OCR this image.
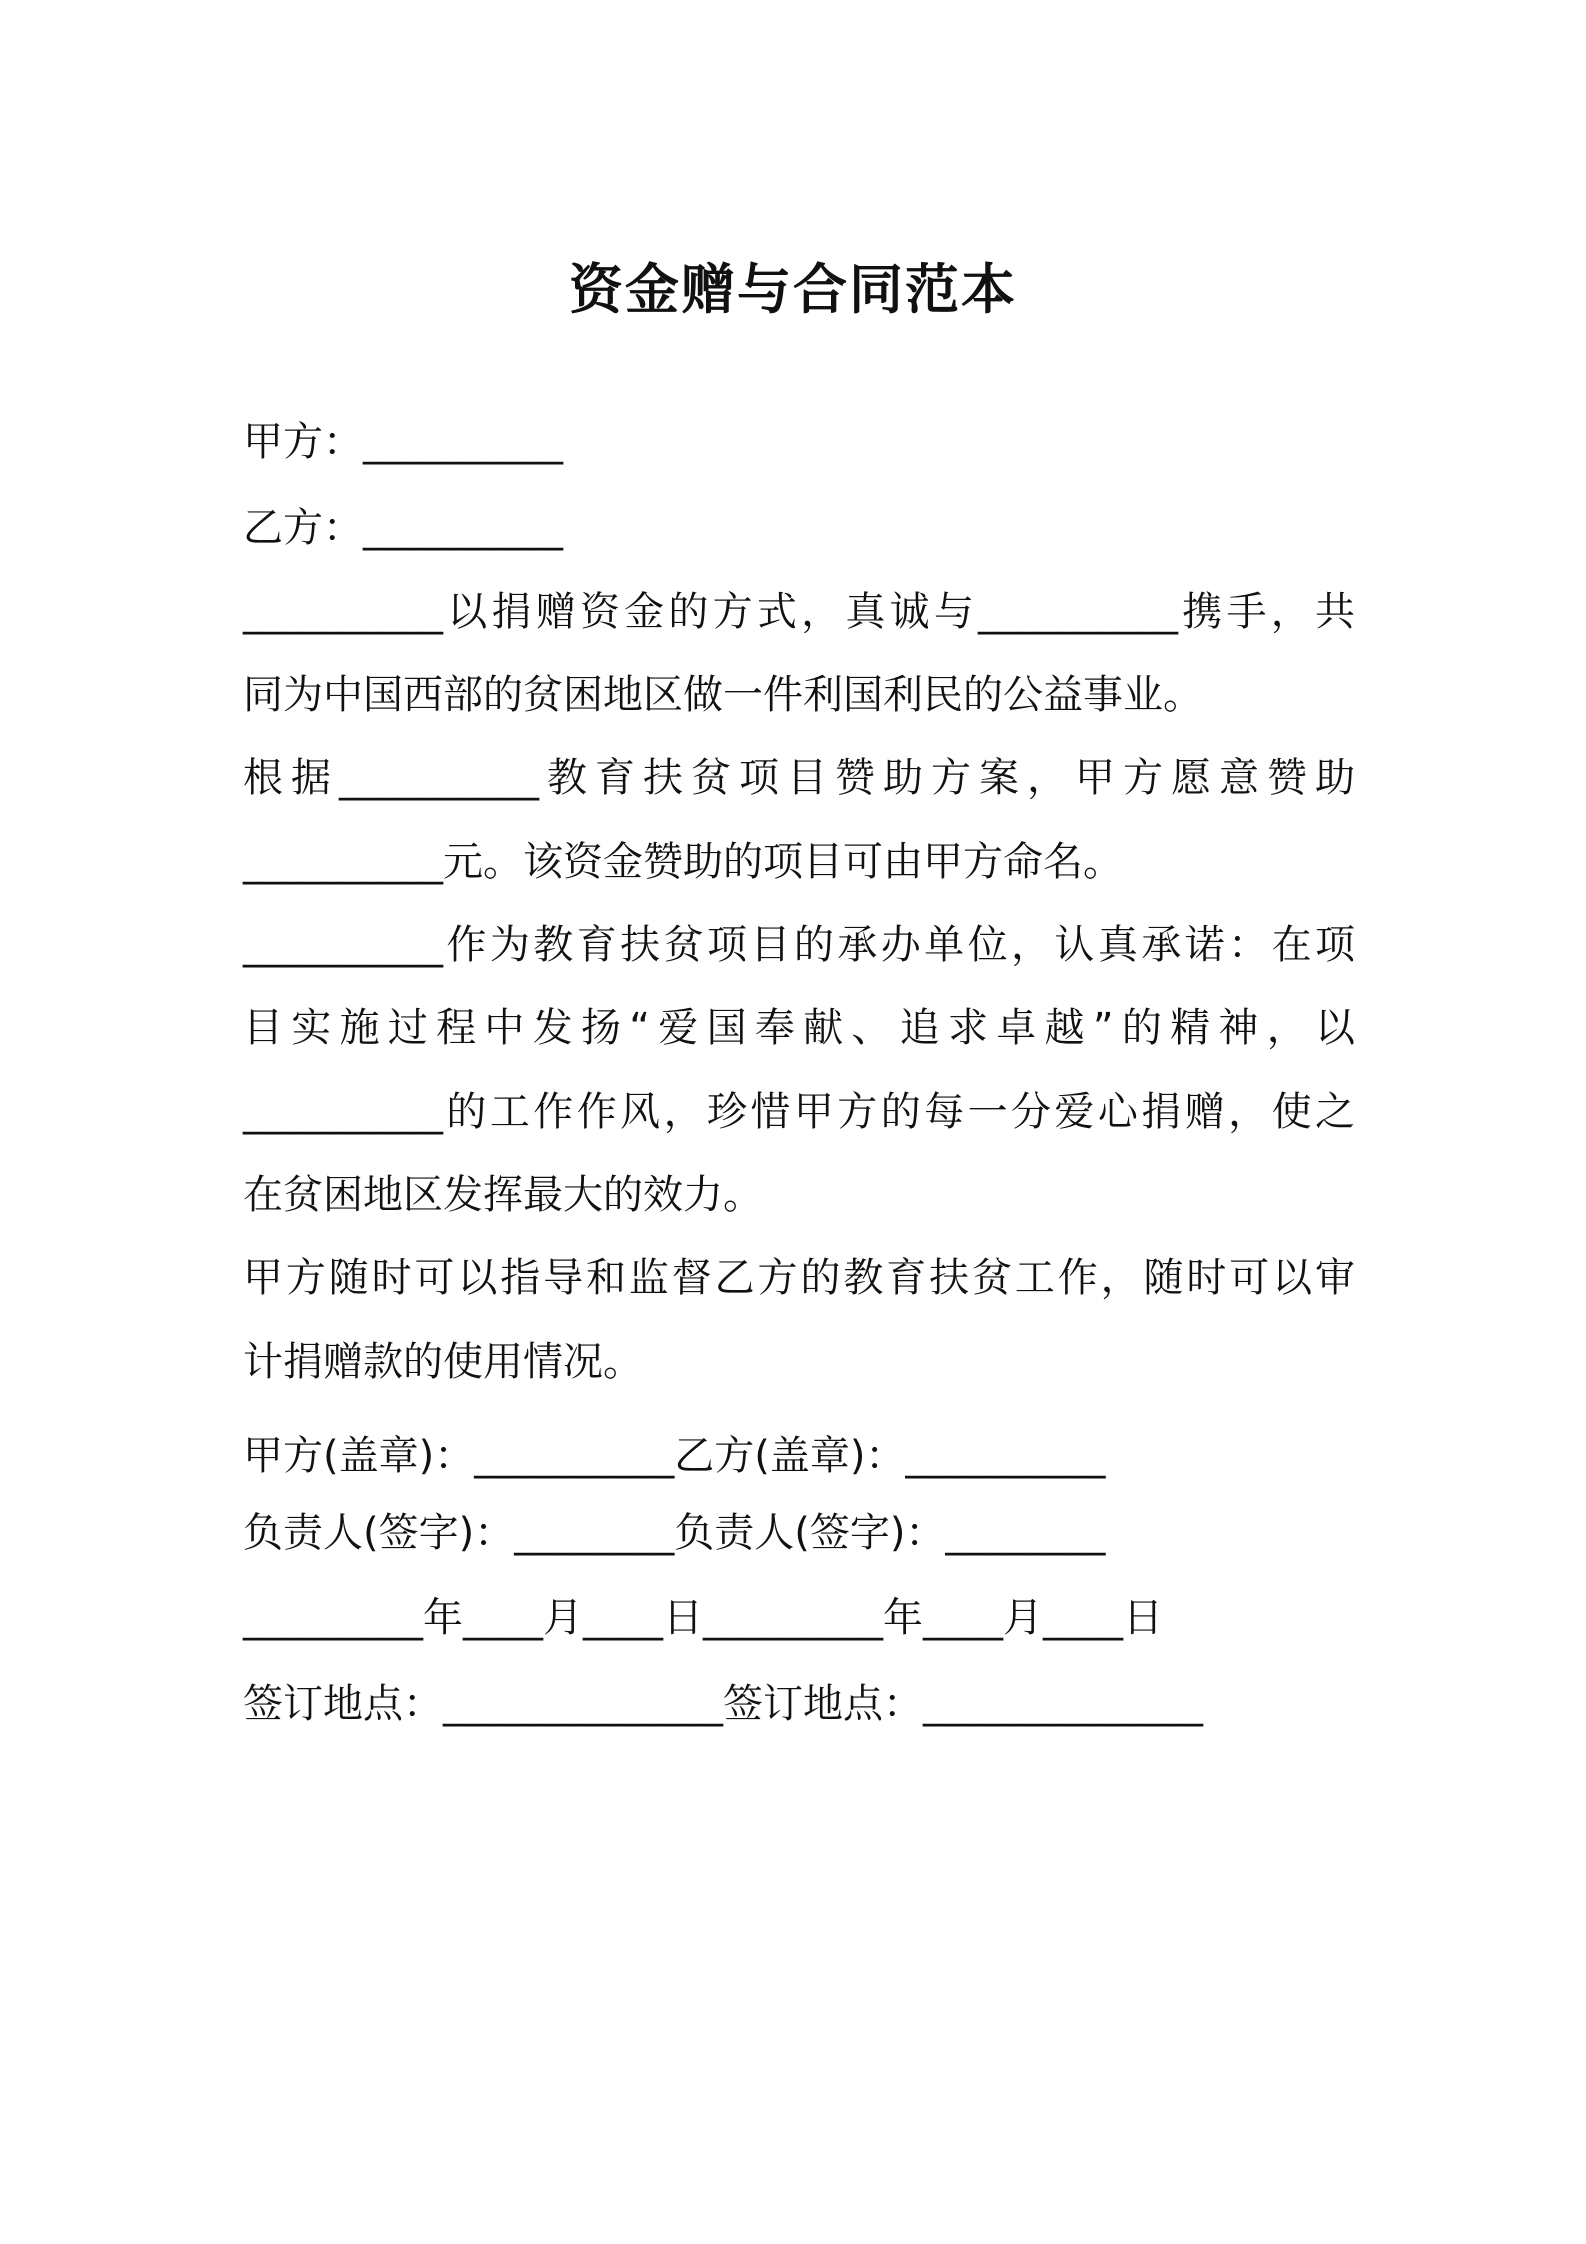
资金赠与合同范本

甲方：__________

乙方：__________

__________以捐赠资金的方式，真诚与__________携手，共

同为中国西部的贫困地区做一件利国利民的公益事业。

根据__________教育扶贫项目赞助方案，甲方愿意赞助

__________元。该资金赞助的项目可由甲方命名。

__________作为教育扶贫项目的承办单位，认真承诺：在项

目实施过程中发扬“爱国奉献、追求卓越”的精神，以

__________的工作作风，珍惜甲方的每一分爱心捐赠，使之

在贫困地区发挥最大的效力。

甲方随时可以指导和监督乙方的教育扶贫工作，随时可以审

计捐赠款的使用情况。

甲方(盖章)：__________乙方(盖章)：__________

负责人(签字)：________负责人(签字)：________

_________年____月____日_________年____月____日

签订地点：______________签订地点：______________
